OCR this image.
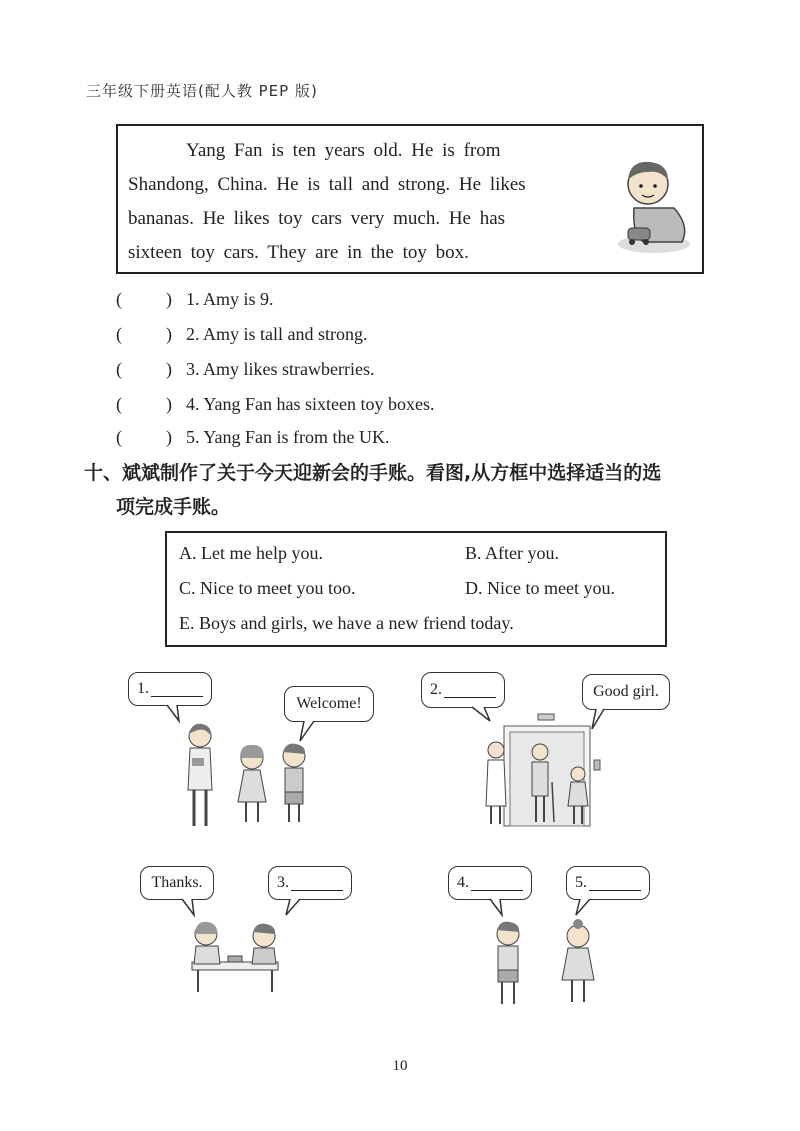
三年级下册英语(配人教 PEP 版)
Yang Fan is ten years old. He is from
Shandong, China. He is tall and strong. He likes
bananas. He likes toy cars very much. He has
sixteen toy cars. They are in the toy box.
( ) 1. Amy is 9.
( ) 2. Amy is tall and strong.
( ) 3. Amy likes strawberries.
( ) 4. Yang Fan has sixteen toy boxes.
( ) 5. Yang Fan is from the UK.
十、斌斌制作了关于今天迎新会的手账。看图,从方框中选择适当的选
项完成手账。
A. Let me help you.	B. After you.
C. Nice to meet you too.	D. Nice to meet you.
E. Boys and girls, we have a new friend today.
1.
Welcome!
2.	Good girl.
Thanks.	3.	4.	5.
10
